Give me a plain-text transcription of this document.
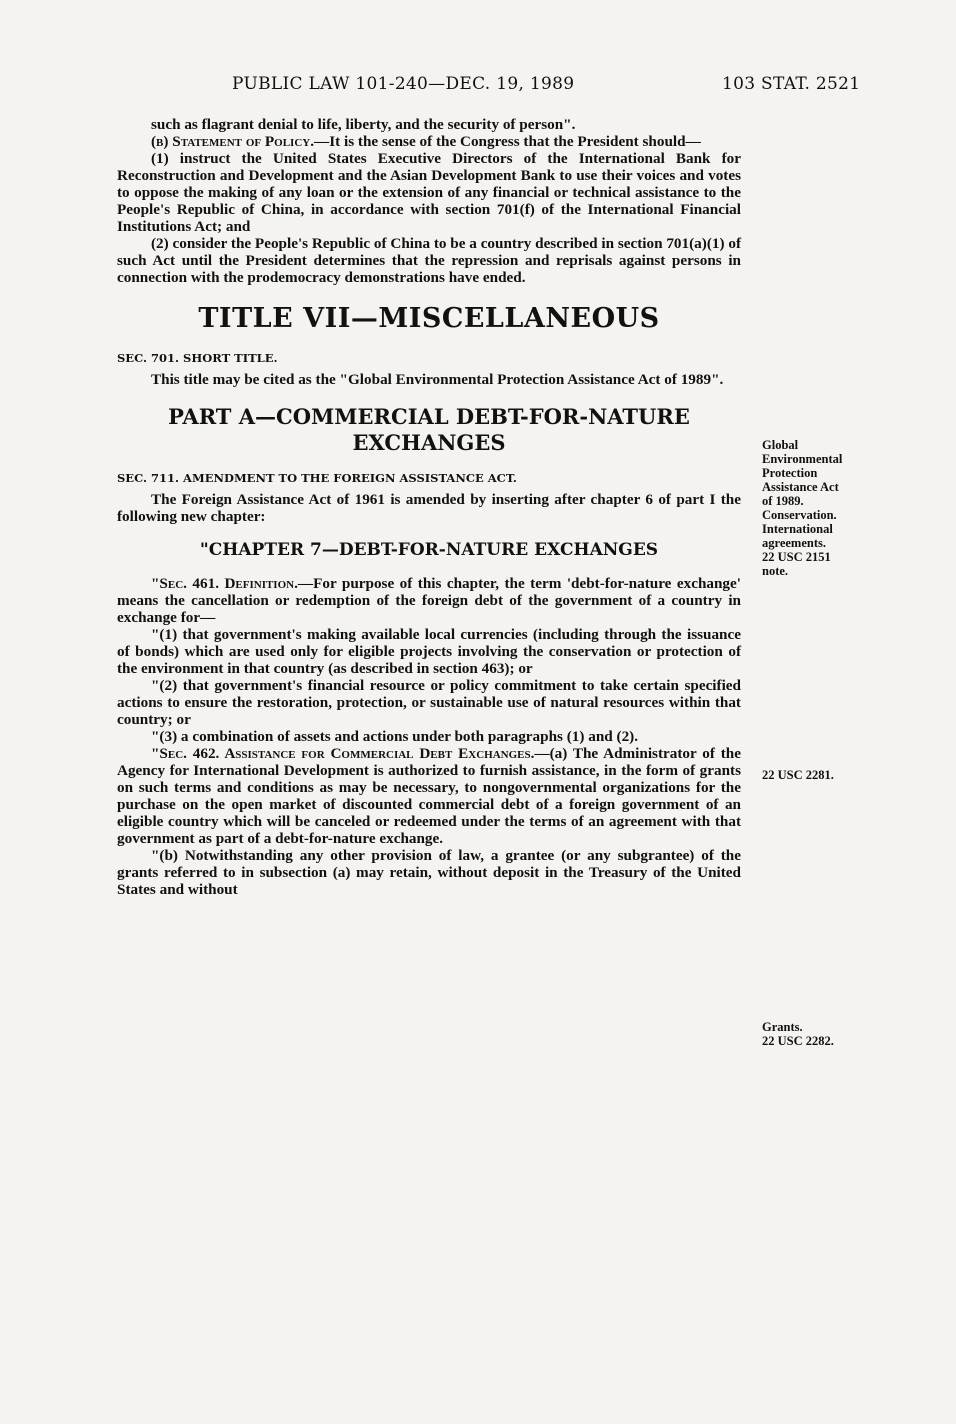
PUBLIC LAW 101-240—DEC. 19, 1989	103 STAT. 2521

such as flagrant denial to life, liberty, and the security of person".

(b) Statement of Policy.—It is the sense of the Congress that the President should—

(1) instruct the United States Executive Directors of the International Bank for Reconstruction and Development and the Asian Development Bank to use their voices and votes to oppose the making of any loan or the extension of any financial or technical assistance to the People's Republic of China, in accordance with section 701(f) of the International Financial Institutions Act; and

(2) consider the People's Republic of China to be a country described in section 701(a)(1) of such Act until the President determines that the repression and reprisals against persons in connection with the prodemocracy demonstrations have ended.

TITLE VII—MISCELLANEOUS
SEC. 701. SHORT TITLE.

This title may be cited as the "Global Environmental Protection Assistance Act of 1989".

PART A—COMMERCIAL DEBT-FOR-NATURE
EXCHANGES
SEC. 711. AMENDMENT TO THE FOREIGN ASSISTANCE ACT.

The Foreign Assistance Act of 1961 is amended by inserting after chapter 6 of part I the following new chapter:

"CHAPTER 7—DEBT-FOR-NATURE EXCHANGES

"Sec. 461. Definition.—For purpose of this chapter, the term 'debt-for-nature exchange' means the cancellation or redemption of the foreign debt of the government of a country in exchange for—

"(1) that government's making available local currencies (including through the issuance of bonds) which are used only for eligible projects involving the conservation or protection of the environment in that country (as described in section 463); or

"(2) that government's financial resource or policy commitment to take certain specified actions to ensure the restoration, protection, or sustainable use of natural resources within that country; or

"(3) a combination of assets and actions under both paragraphs (1) and (2).

"Sec. 462. Assistance for Commercial Debt Exchanges.—(a) The Administrator of the Agency for International Development is authorized to furnish assistance, in the form of grants on such terms and conditions as may be necessary, to nongovernmental organizations for the purchase on the open market of discounted commercial debt of a foreign government of an eligible country which will be canceled or redeemed under the terms of an agreement with that government as part of a debt-for-nature exchange.

"(b) Notwithstanding any other provision of law, a grantee (or any subgrantee) of the grants referred to in subsection (a) may retain, without deposit in the Treasury of the United States and without

Global
Environmental
Protection
Assistance Act
of 1989.
Conservation.
International
agreements.
22 USC 2151
note.
22 USC 2281.
Grants.
22 USC 2282.
